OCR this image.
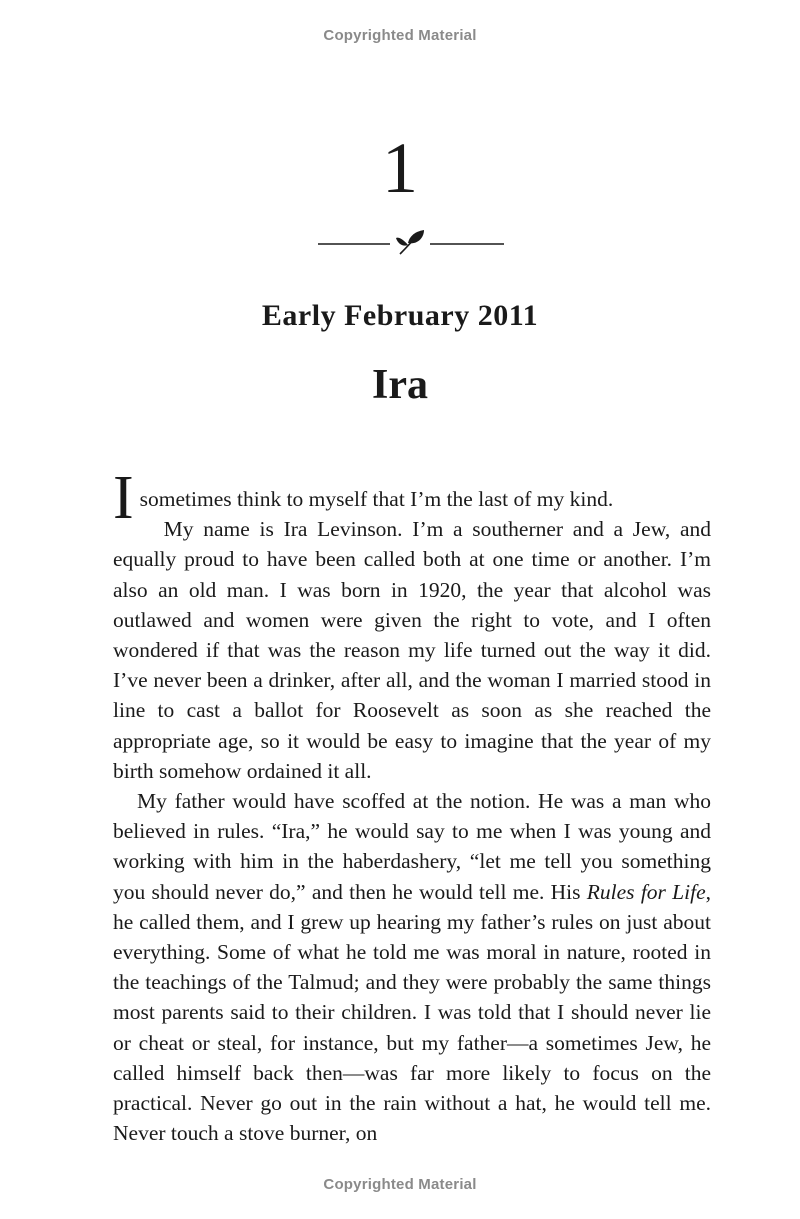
Copyrighted Material
1
Early February 2011
Ira

I sometimes think to myself that I’m the last of my kind.

My name is Ira Levinson. I’m a southerner and a Jew, and equally proud to have been called both at one time or another. I’m also an old man. I was born in 1920, the year that alcohol was outlawed and women were given the right to vote, and I often wondered if that was the reason my life turned out the way it did. I’ve never been a drinker, after all, and the woman I married stood in line to cast a ballot for Roosevelt as soon as she reached the appropriate age, so it would be easy to imagine that the year of my birth somehow ordained it all.

My father would have scoffed at the notion. He was a man who believed in rules. “Ira,” he would say to me when I was young and working with him in the haberdashery, “let me tell you something you should never do,” and then he would tell me. His Rules for Life, he called them, and I grew up hearing my father’s rules on just about everything. Some of what he told me was moral in nature, rooted in the teachings of the Talmud; and they were probably the same things most parents said to their children. I was told that I should never lie or cheat or steal, for instance, but my father—a sometimes Jew, he called himself back then—was far more likely to focus on the practical. Never go out in the rain without a hat, he would tell me. Never touch a stove burner, on

Copyrighted Material
